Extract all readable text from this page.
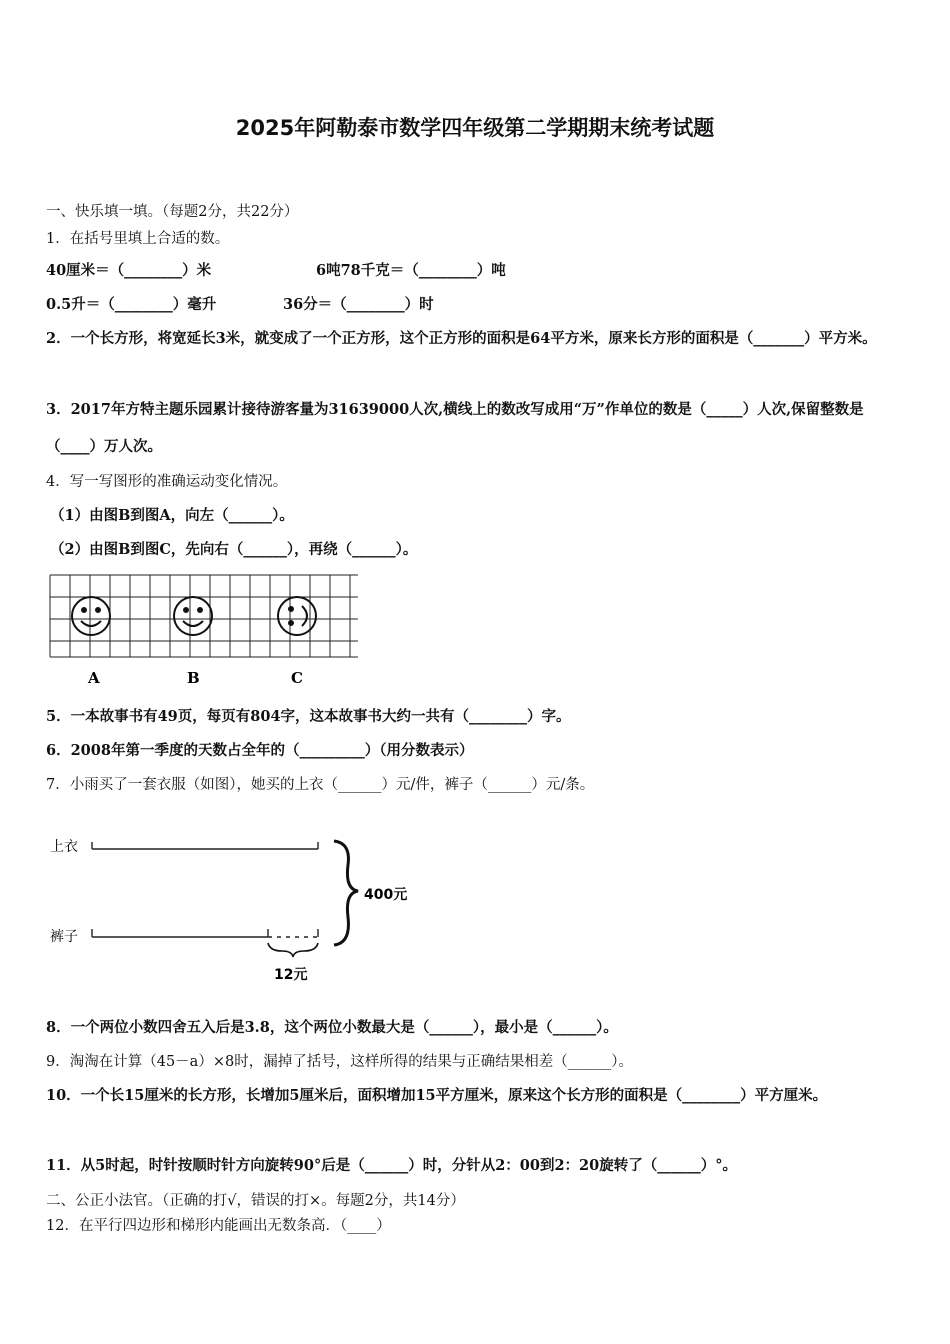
2025年阿勒泰市数学四年级第二学期期末统考试题
一、快乐填一填。（每题2分，共22分）
1．在括号里填上合适的数。
40厘米＝（________）米	6吨78千克＝（________）吨
0.5升＝（________）毫升	36分＝（________）时
2．一个长方形，将宽延长3米，就变成了一个正方形，这个正方形的面积是64平方米，原来长方形的面积是（_______）平方米。
3．2017年方特主题乐园累计接待游客量为31639000人次,横线上的数改写成用“万”作单位的数是（_____）人次,保留整数是（____）万人次。
4．写一写图形的准确运动变化情况。
（1）由图B到图A，向左（______）。
（2）由图B到图C，先向右（______），再绕（______）。
A	B	C
5．一本故事书有49页，每页有804字，这本故事书大约一共有（________）字。
6．2008年第一季度的天数占全年的（_________）（用分数表示）
7．小雨买了一套衣服（如图），她买的上衣（______）元/件，裤子（______）元/条。
上衣
裤子
400元
12元
8．一个两位小数四舍五入后是3.8，这个两位小数最大是（______），最小是（______）。
9．淘淘在计算（45－a）×8时，漏掉了括号，这样所得的结果与正确结果相差（______）。
10．一个长15厘米的长方形，长增加5厘米后，面积增加15平方厘米，原来这个长方形的面积是（________）平方厘米。
11．从5时起，时针按顺时针方向旋转90°后是（______）时，分针从2：00到2：20旋转了（______）°。
二、公正小法官。（正确的打√，错误的打×。每题2分，共14分）
12．在平行四边形和梯形内能画出无数条高．（____）
